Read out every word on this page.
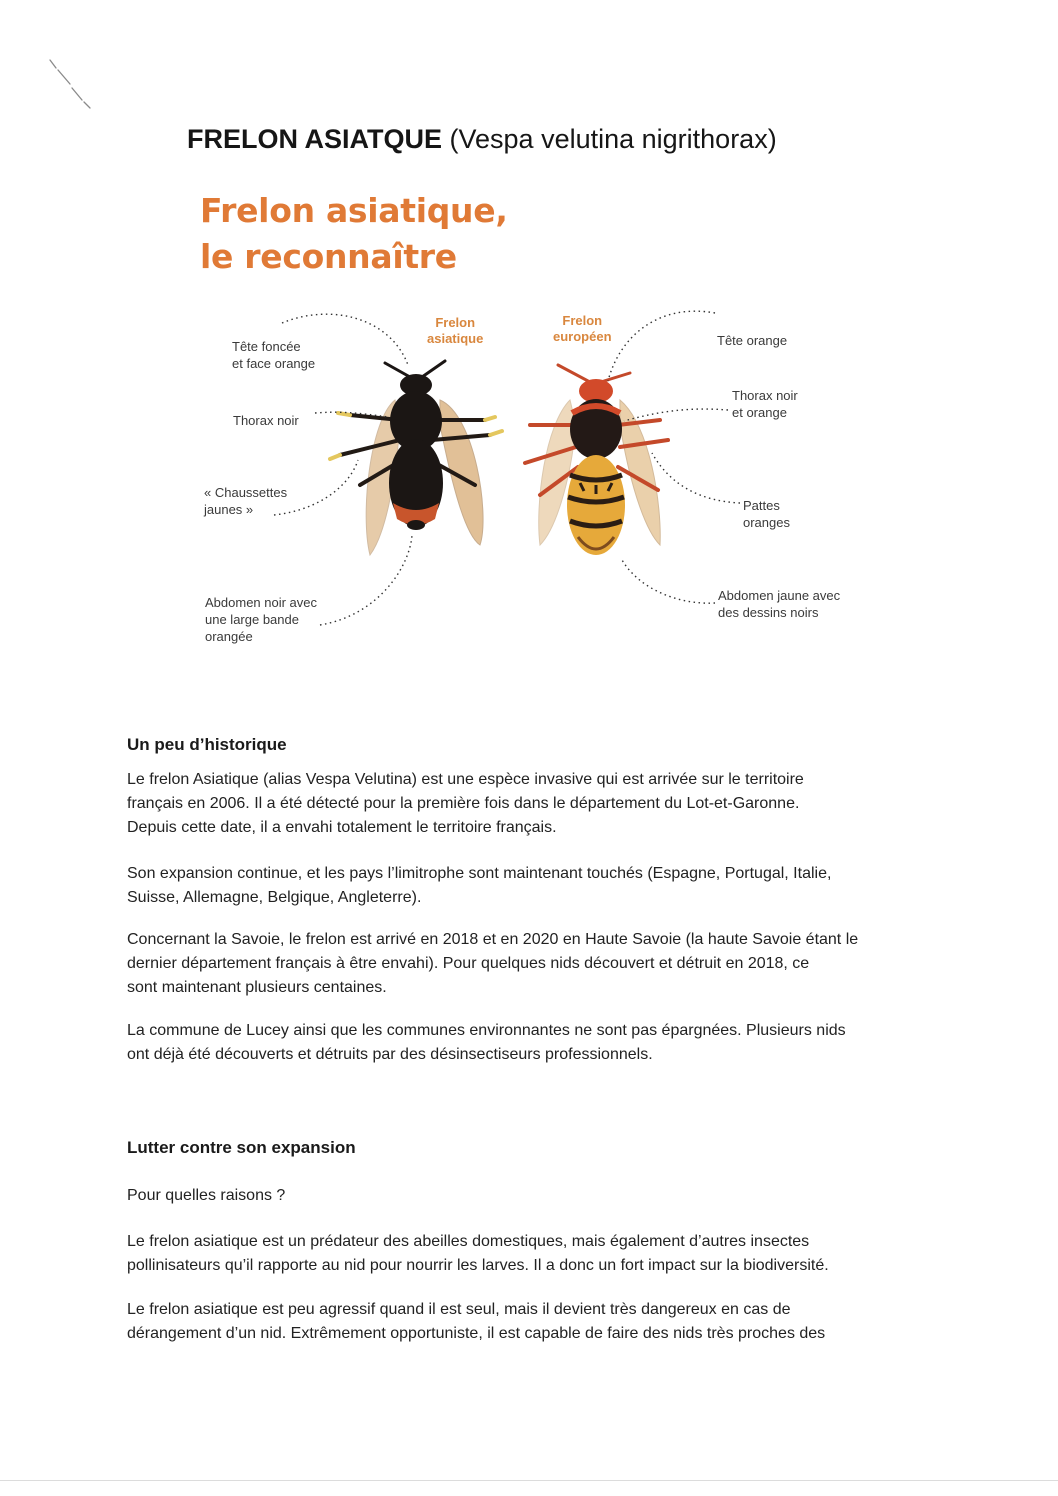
FRELON ASIATQUE (Vespa velutina nigrithorax)
Frelon asiatique,
le reconnaître
Frelon
asiatique
Frelon
européen
Tête foncée
et face orange
Thorax noir
« Chaussettes
jaunes »
Abdomen noir avec
une large bande
orangée
Tête orange
Thorax noir
et orange
Pattes
oranges
Abdomen jaune avec
des dessins noirs
Un peu d’historique
Le frelon Asiatique (alias Vespa Velutina) est une espèce invasive qui est arrivée sur le territoire
français en 2006. Il a été détecté pour la première fois dans le département du Lot-et-Garonne.
Depuis cette date, il a envahi totalement le territoire français.
Son expansion continue, et les pays l’limitrophe sont maintenant touchés (Espagne, Portugal, Italie,
Suisse, Allemagne, Belgique, Angleterre).
Concernant la Savoie, le frelon est arrivé en 2018 et en 2020 en Haute Savoie (la haute Savoie étant le
dernier département français à être envahi). Pour quelques nids découvert et détruit en 2018, ce
sont maintenant plusieurs centaines.
La commune de Lucey ainsi que les communes environnantes ne sont pas épargnées. Plusieurs nids
ont déjà été découverts et détruits par des désinsectiseurs professionnels.
Lutter contre son expansion
Pour quelles raisons ?
Le frelon asiatique est un prédateur des abeilles domestiques, mais également d’autres insectes
pollinisateurs qu’il rapporte au nid pour nourrir les larves. Il a donc un fort impact sur la biodiversité.
Le frelon asiatique est peu agressif quand il est seul, mais il devient très dangereux en cas de
dérangement d’un nid. Extrêmement opportuniste, il est capable de faire des nids très proches des
